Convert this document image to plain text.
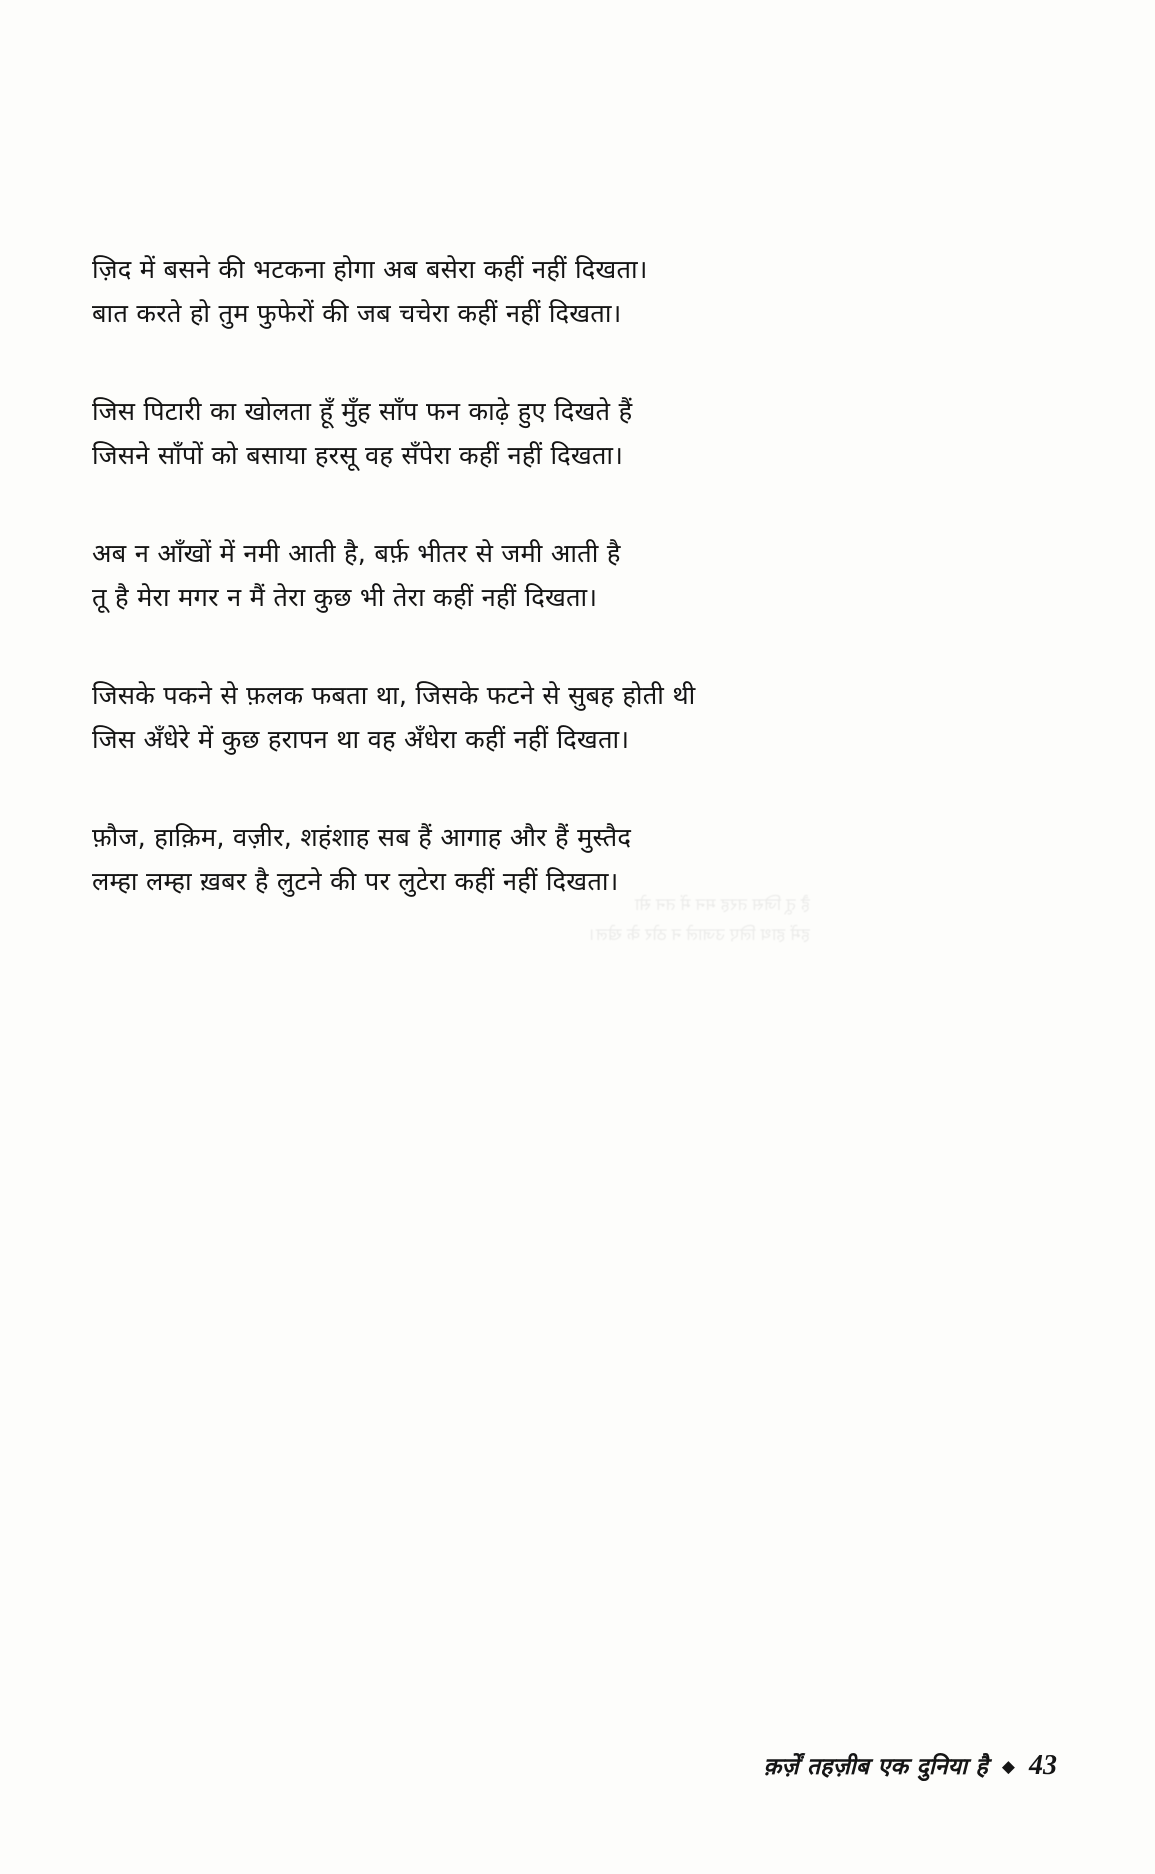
है तू जिस तरह मन में तन सेा
हमें हाथ लिए उजाले न ठोर के खेल।
ज़िद में बसने की भटकना होगा अब बसेरा कहीं नहीं दिखता।
बात करते हो तुम फुफेरों की जब चचेरा कहीं नहीं दिखता।
जिस पिटारी का खोलता हूँ मुँह साँप फन काढ़े हुए दिखते हैं
जिसने साँपों को बसाया हरसू वह सँपेरा कहीं नहीं दिखता।
अब न आँखों में नमी आती है, बर्फ़ भीतर से जमी आती है
तू है मेरा मगर न मैं तेरा कुछ भी तेरा कहीं नहीं दिखता।
जिसके पकने से फ़लक फबता था, जिसके फटने से सुबह होती थी
जिस अँधेरे में कुछ हरापन था वह अँधेरा कहीं नहीं दिखता।
फ़ौज, हाक़िम, वज़ीर, शहंशाह सब हैं आगाह और हैं मुस्तैद
लम्हा लम्हा ख़बर है लुटने की पर लुटेरा कहीं नहीं दिखता।
क़र्ज़ें तहज़ीब एक दुनिया है ◆ 43
